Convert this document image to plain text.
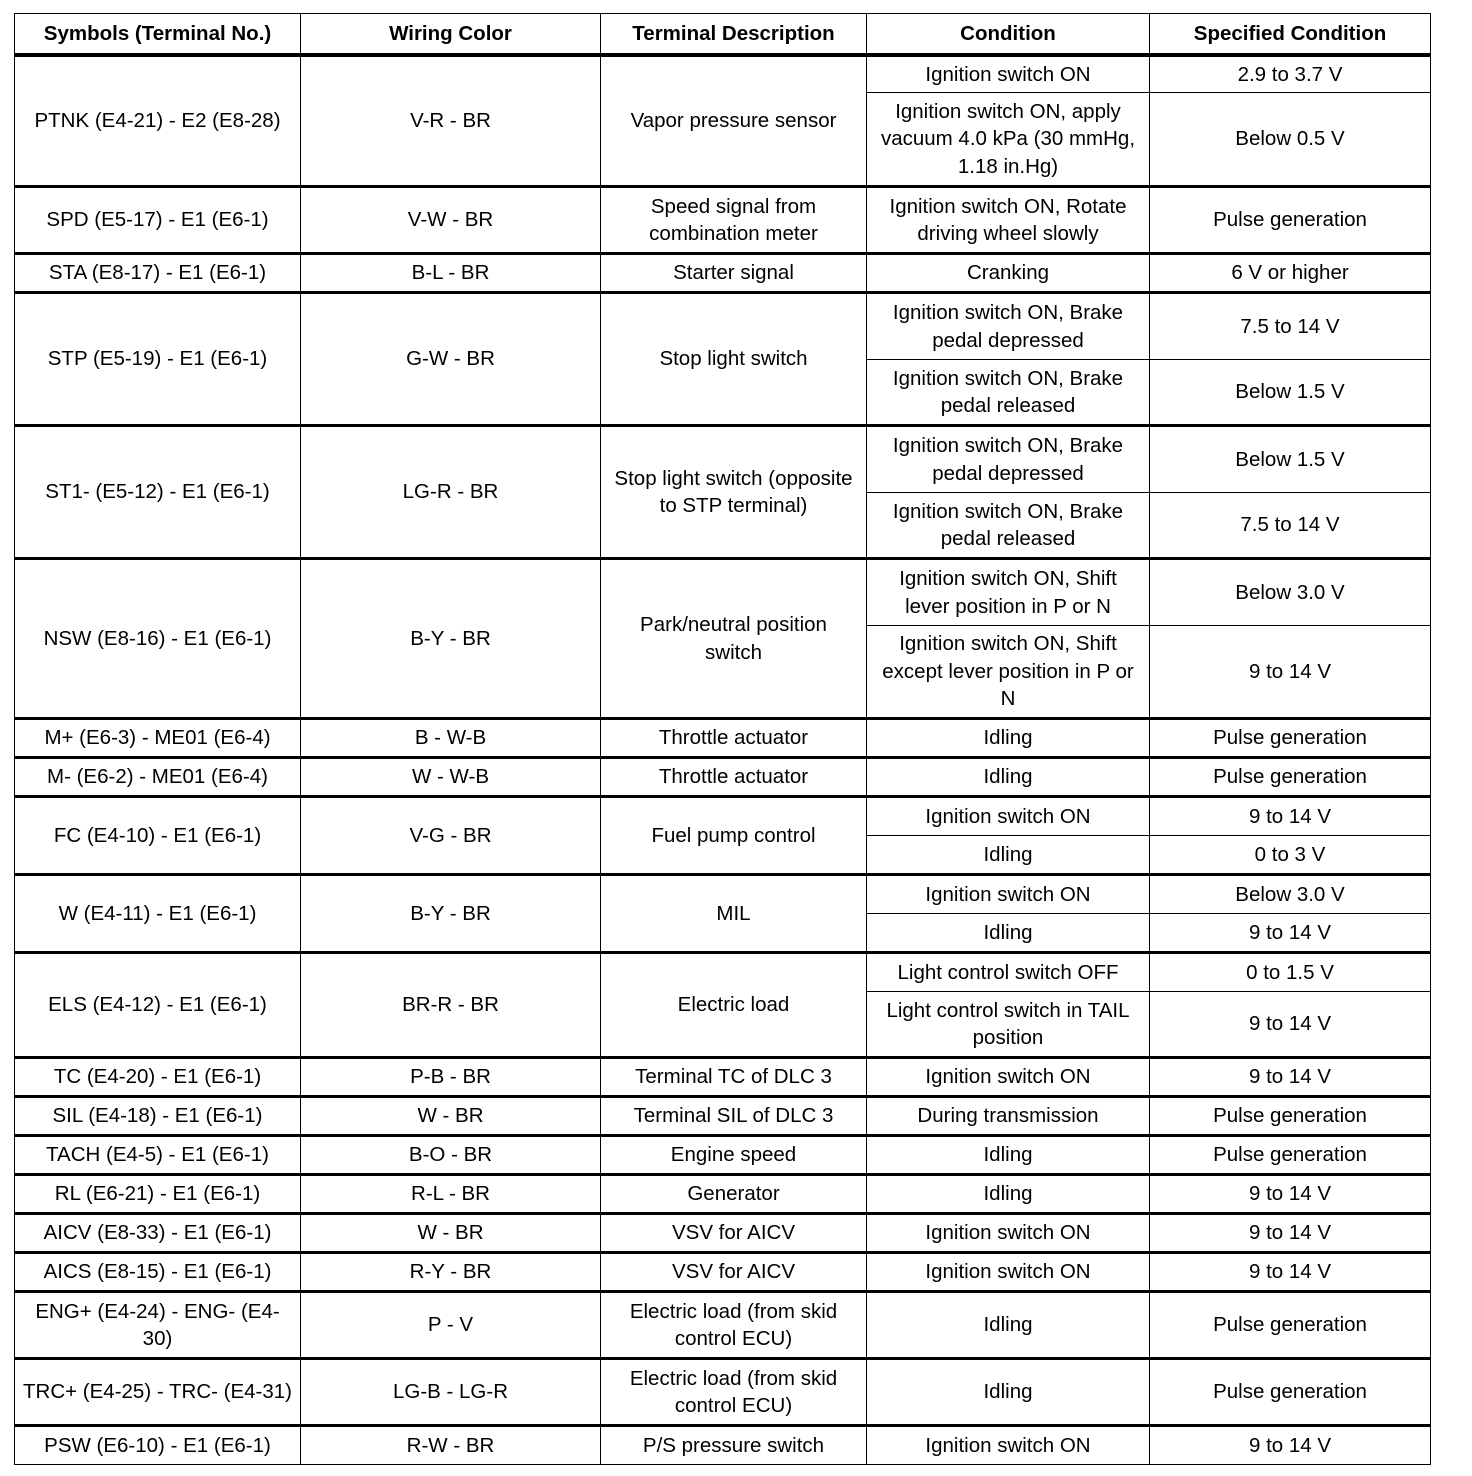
Symbols (Terminal No.)	Wiring Color	Terminal Description	Condition	Specified Condition
PTNK (E4-21) - E2 (E8-28)	V-R - BR	Vapor pressure sensor	Ignition switch ON	2.9 to 3.7 V
			Ignition switch ON, apply vacuum 4.0 kPa (30 mmHg, 1.18 in.Hg)	Below 0.5 V
SPD (E5-17) - E1 (E6-1)	V-W - BR	Speed signal from combination meter	Ignition switch ON, Rotate driving wheel slowly	Pulse generation
STA (E8-17) - E1 (E6-1)	B-L - BR	Starter signal	Cranking	6 V or higher
STP (E5-19) - E1 (E6-1)	G-W - BR	Stop light switch	Ignition switch ON, Brake pedal depressed	7.5 to 14 V
			Ignition switch ON, Brake pedal released	Below 1.5 V
ST1- (E5-12) - E1 (E6-1)	LG-R - BR	Stop light switch (opposite to STP terminal)	Ignition switch ON, Brake pedal depressed	Below 1.5 V
			Ignition switch ON, Brake pedal released	7.5 to 14 V
NSW (E8-16) - E1 (E6-1)	B-Y - BR	Park/neutral position switch	Ignition switch ON, Shift lever position in P or N	Below 3.0 V
			Ignition switch ON, Shift except lever position in P or N	9 to 14 V
M+ (E6-3) - ME01 (E6-4)	B - W-B	Throttle actuator	Idling	Pulse generation
M- (E6-2) - ME01 (E6-4)	W - W-B	Throttle actuator	Idling	Pulse generation
FC (E4-10) - E1 (E6-1)	V-G - BR	Fuel pump control	Ignition switch ON	9 to 14 V
			Idling	0 to 3 V
W (E4-11) - E1 (E6-1)	B-Y - BR	MIL	Ignition switch ON	Below 3.0 V
			Idling	9 to 14 V
ELS (E4-12) - E1 (E6-1)	BR-R - BR	Electric load	Light control switch OFF	0 to 1.5 V
			Light control switch in TAIL position	9 to 14 V
TC (E4-20) - E1 (E6-1)	P-B - BR	Terminal TC of DLC 3	Ignition switch ON	9 to 14 V
SIL (E4-18) - E1 (E6-1)	W - BR	Terminal SIL of DLC 3	During transmission	Pulse generation
TACH (E4-5) - E1 (E6-1)	B-O - BR	Engine speed	Idling	Pulse generation
RL (E6-21) - E1 (E6-1)	R-L - BR	Generator	Idling	9 to 14 V
AICV (E8-33) - E1 (E6-1)	W - BR	VSV for AICV	Ignition switch ON	9 to 14 V
AICS (E8-15) - E1 (E6-1)	R-Y - BR	VSV for AICV	Ignition switch ON	9 to 14 V
ENG+ (E4-24) - ENG- (E4-30)	P - V	Electric load (from skid control ECU)	Idling	Pulse generation
TRC+ (E4-25) - TRC- (E4-31)	LG-B - LG-R	Electric load (from skid control ECU)	Idling	Pulse generation
PSW (E6-10) - E1 (E6-1)	R-W - BR	P/S pressure switch	Ignition switch ON	9 to 14 V
